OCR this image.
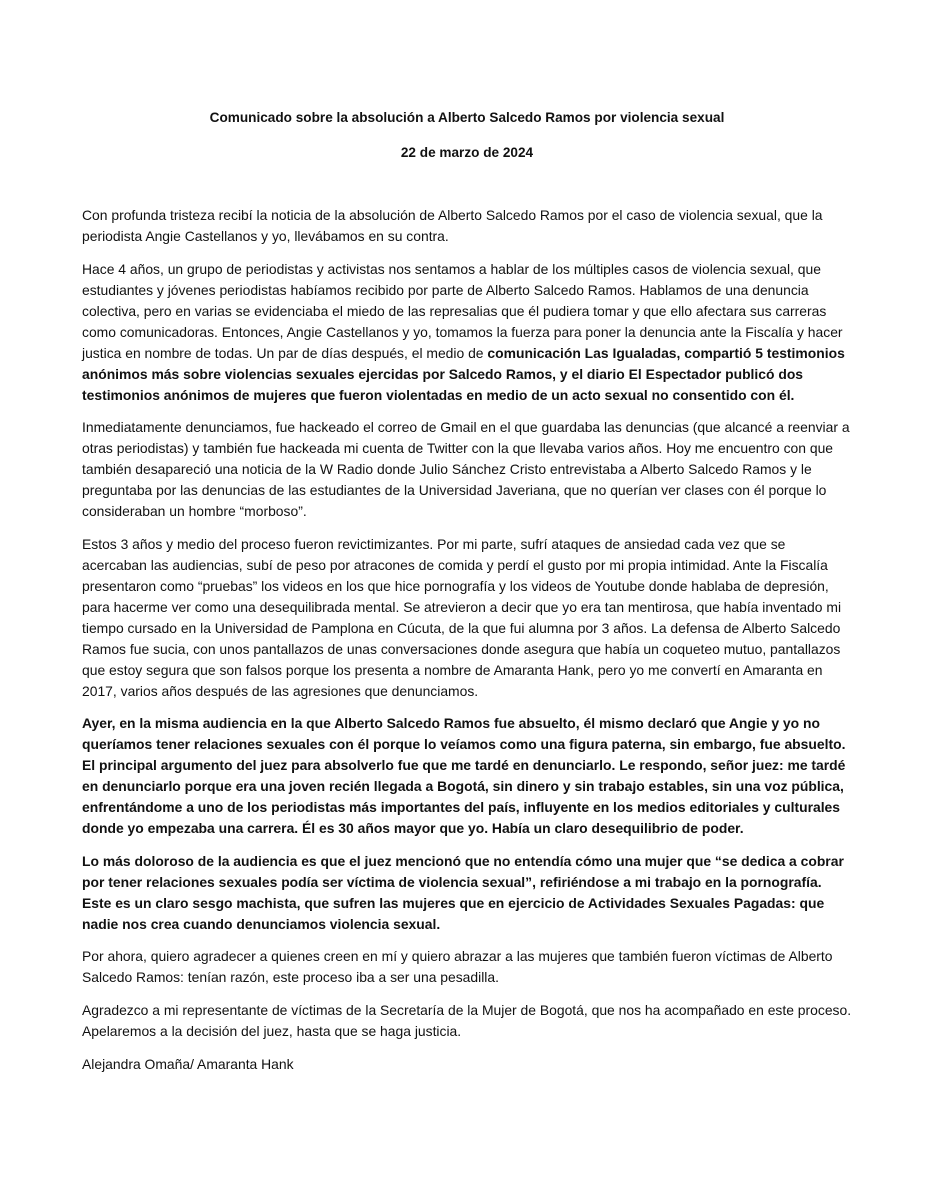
Comunicado sobre la absolución a Alberto Salcedo Ramos por violencia sexual
22 de marzo de 2024

Con profunda tristeza recibí la noticia de la absolución de Alberto Salcedo Ramos por el caso de violencia sexual, que la periodista Angie Castellanos y yo, llevábamos en su contra.

Hace 4 años, un grupo de periodistas y activistas nos sentamos a hablar de los múltiples casos de violencia sexual, que estudiantes y jóvenes periodistas habíamos recibido por parte de Alberto Salcedo Ramos. Hablamos de una denuncia colectiva, pero en varias se evidenciaba el miedo de las represalias que él pudiera tomar y que ello afectara sus carreras como comunicadoras. Entonces, Angie Castellanos y yo, tomamos la fuerza para poner la denuncia ante la Fiscalía y hacer justica en nombre de todas. Un par de días después, el medio de comunicación Las Igualadas, compartió 5 testimonios anónimos más sobre violencias sexuales ejercidas por Salcedo Ramos, y el diario El Espectador publicó dos testimonios anónimos de mujeres que fueron violentadas en medio de un acto sexual no consentido con él.

Inmediatamente denunciamos, fue hackeado el correo de Gmail en el que guardaba las denuncias (que alcancé a reenviar a otras periodistas) y también fue hackeada mi cuenta de Twitter con la que llevaba varios años. Hoy me encuentro con que también desapareció una noticia de la W Radio donde Julio Sánchez Cristo entrevistaba a Alberto Salcedo Ramos y le preguntaba por las denuncias de las estudiantes de la Universidad Javeriana, que no querían ver clases con él porque lo consideraban un hombre “morboso”.

Estos 3 años y medio del proceso fueron revictimizantes. Por mi parte, sufrí ataques de ansiedad cada vez que se acercaban las audiencias, subí de peso por atracones de comida y perdí el gusto por mi propia intimidad. Ante la Fiscalía presentaron como “pruebas” los videos en los que hice pornografía y los videos de Youtube donde hablaba de depresión, para hacerme ver como una desequilibrada mental. Se atrevieron a decir que yo era tan mentirosa, que había inventado mi tiempo cursado en la Universidad de Pamplona en Cúcuta, de la que fui alumna por 3 años. La defensa de Alberto Salcedo Ramos fue sucia, con unos pantallazos de unas conversaciones donde asegura que había un coqueteo mutuo, pantallazos que estoy segura que son falsos porque los presenta a nombre de Amaranta Hank, pero yo me convertí en Amaranta en 2017, varios años después de las agresiones que denunciamos.

Ayer, en la misma audiencia en la que Alberto Salcedo Ramos fue absuelto, él mismo declaró que Angie y yo no queríamos tener relaciones sexuales con él porque lo veíamos como una figura paterna, sin embargo, fue absuelto. El principal argumento del juez para absolverlo fue que me tardé en denunciarlo. Le respondo, señor juez: me tardé en denunciarlo porque era una joven recién llegada a Bogotá, sin dinero y sin trabajo estables, sin una voz pública, enfrentándome a uno de los periodistas más importantes del país, influyente en los medios editoriales y culturales donde yo empezaba una carrera. Él es 30 años mayor que yo. Había un claro desequilibrio de poder.

Lo más doloroso de la audiencia es que el juez mencionó que no entendía cómo una mujer que “se dedica a cobrar por tener relaciones sexuales podía ser víctima de violencia sexual”, refiriéndose a mi trabajo en la pornografía. Este es un claro sesgo machista, que sufren las mujeres que en ejercicio de Actividades Sexuales Pagadas: que nadie nos crea cuando denunciamos violencia sexual.

Por ahora, quiero agradecer a quienes creen en mí y quiero abrazar a las mujeres que también fueron víctimas de Alberto Salcedo Ramos: tenían razón, este proceso iba a ser una pesadilla.

Agradezco a mi representante de víctimas de la Secretaría de la Mujer de Bogotá, que nos ha acompañado en este proceso. Apelaremos a la decisión del juez, hasta que se haga justicia.

Alejandra Omaña/ Amaranta Hank
